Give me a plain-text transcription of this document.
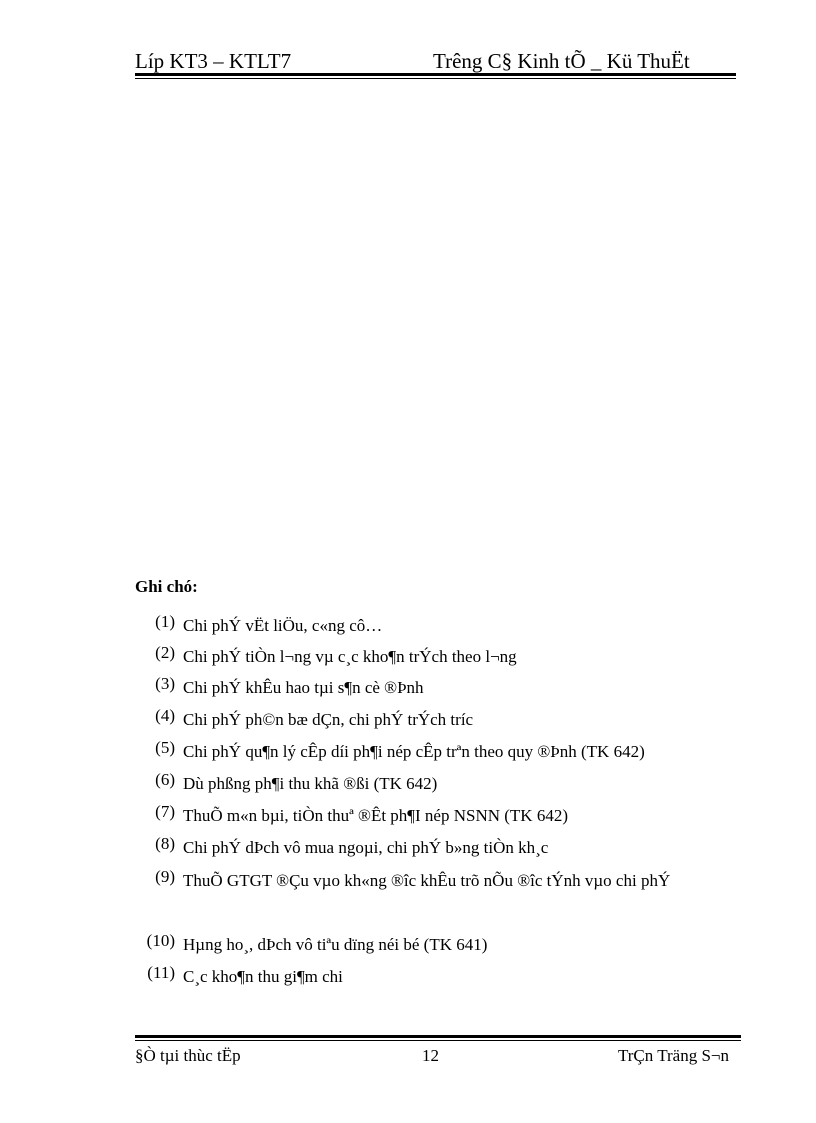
Líp KT3 – KTLT7	Trêng C§ Kinh tÕ _ Kü ThuËt
Ghi chó:
(1) Chi phÝ vËt liÖu, c«ng cô…
(2) Chi phÝ tiÒn l¬ng vµ c¸c kho¶n trÝch theo l¬ng
(3) Chi phÝ khÊu hao tµi s¶n cè ®Þnh
(4) Chi phÝ ph©n bæ dÇn, chi phÝ trÝch tríc
(5) Chi phÝ qu¶n lý cÊp díi ph¶i nép cÊp trªn theo quy ®Þnh (TK 642)
(6) Dù phßng ph¶i thu khã ®ßi (TK 642)
(7) ThuÕ m«n bµi, tiÒn thuª ®Êt ph¶I nép NSNN (TK 642)
(8) Chi phÝ dÞch vô mua ngoµi, chi phÝ b»ng tiÒn kh¸c
(9) ThuÕ GTGT ®Çu vµo kh«ng ®îc khÊu trõ nÕu ®îc tÝnh vµo chi phÝ
(10) Hµng ho¸, dÞch vô tiªu dïng néi bé (TK 641)
(11) C¸c kho¶n thu gi¶m chi
§Ò tµi thùc tËp	12	TrÇn Träng S¬n
